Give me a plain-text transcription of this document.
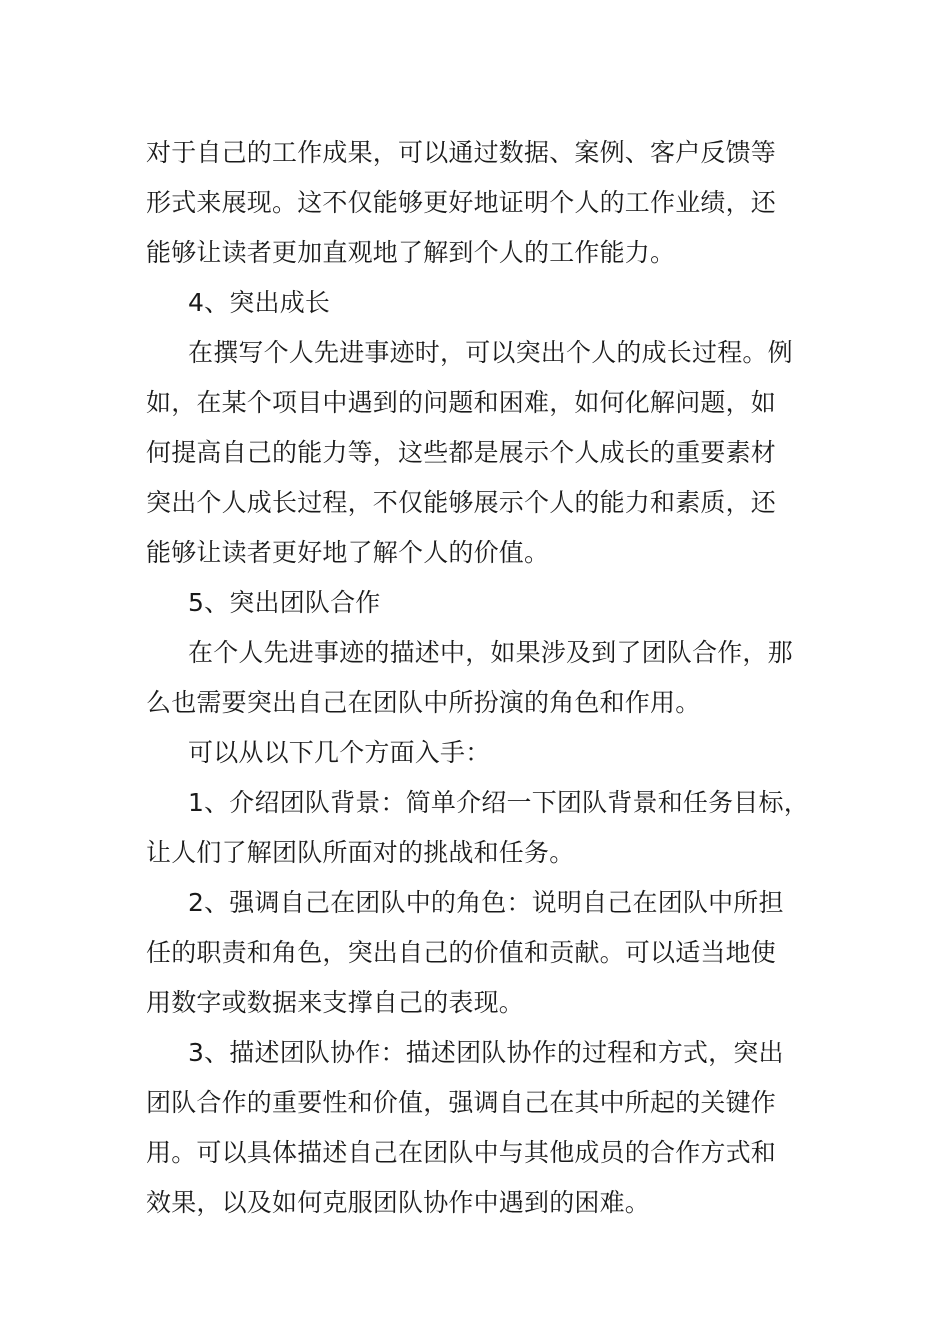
对于自己的工作成果，可以通过数据、案例、客户反馈等
形式来展现。这不仅能够更好地证明个人的工作业绩，还
能够让读者更加直观地了解到个人的工作能力。
4、突出成长
在撰写个人先进事迹时，可以突出个人的成长过程。例
如，在某个项目中遇到的问题和困难，如何化解问题，如
何提高自己的能力等，这些都是展示个人成长的重要素材
突出个人成长过程，不仅能够展示个人的能力和素质，还
能够让读者更好地了解个人的价值。
5、突出团队合作
在个人先进事迹的描述中，如果涉及到了团队合作，那
么也需要突出自己在团队中所扮演的角色和作用。
可以从以下几个方面入手：
1、介绍团队背景：简单介绍一下团队背景和任务目标，
让人们了解团队所面对的挑战和任务。
2、强调自己在团队中的角色：说明自己在团队中所担
任的职责和角色，突出自己的价值和贡献。可以适当地使
用数字或数据来支撑自己的表现。
3、描述团队协作：描述团队协作的过程和方式，突出
团队合作的重要性和价值，强调自己在其中所起的关键作
用。可以具体描述自己在团队中与其他成员的合作方式和
效果，以及如何克服团队协作中遇到的困难。
